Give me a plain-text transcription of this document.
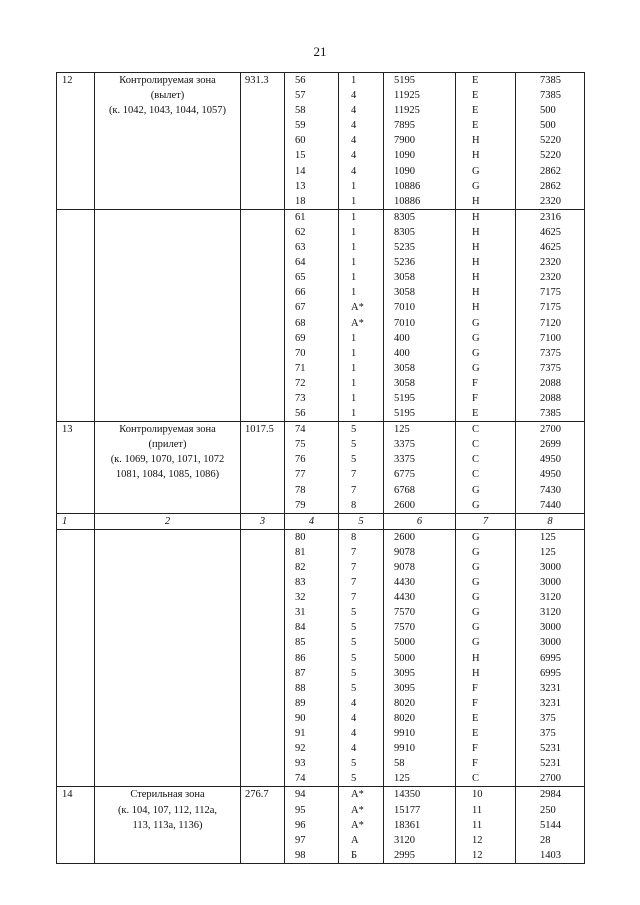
21
12	Контролируемая зона	931.3	56	1	5195	E	7385
	(вылет)		57	4	11925	E	7385
	(к. 1042, 1043, 1044, 1057)		58	4	11925	E	500
			59	4	7895	E	500
			60	4	7900	H	5220
			15	4	1090	H	5220
			14	4	1090	G	2862
			13	1	10886	G	2862
			18	1	10886	H	2320
			61	1	8305	H	2316
			62	1	8305	H	4625
			63	1	5235	H	4625
			64	1	5236	H	2320
			65	1	3058	H	2320
			66	1	3058	H	7175
			67	A*	7010	H	7175
			68	A*	7010	G	7120
			69	1	400	G	7100
			70	1	400	G	7375
			71	1	3058	G	7375
			72	1	3058	F	2088
			73	1	5195	F	2088
			56	1	5195	E	7385
13	Контролируемая зона	1017.5	74	5	125	C	2700
	(прилет)		75	5	3375	C	2699
	(к. 1069, 1070, 1071, 1072		76	5	3375	C	4950
	1081, 1084, 1085, 1086)		77	7	6775	C	4950
			78	7	6768	G	7430
			79	8	2600	G	7440
1	2	3	4	5	6	7	8
			80	8	2600	G	125
			81	7	9078	G	125
			82	7	9078	G	3000
			83	7	4430	G	3000
			32	7	4430	G	3120
			31	5	7570	G	3120
			84	5	7570	G	3000
			85	5	5000	G	3000
			86	5	5000	H	6995
			87	5	3095	H	6995
			88	5	3095	F	3231
			89	4	8020	F	3231
			90	4	8020	E	375
			91	4	9910	E	375
			92	4	9910	F	5231
			93	5	58	F	5231
			74	5	125	C	2700
14	Стерильная зона	276.7	94	A*	14350	10	2984
	(к. 104, 107, 112, 112а,		95	A*	15177	11	250
	113, 113а, 1136)		96	A*	18361	11	5144
			97	A	3120	12	28
			98	Б	2995	12	1403
